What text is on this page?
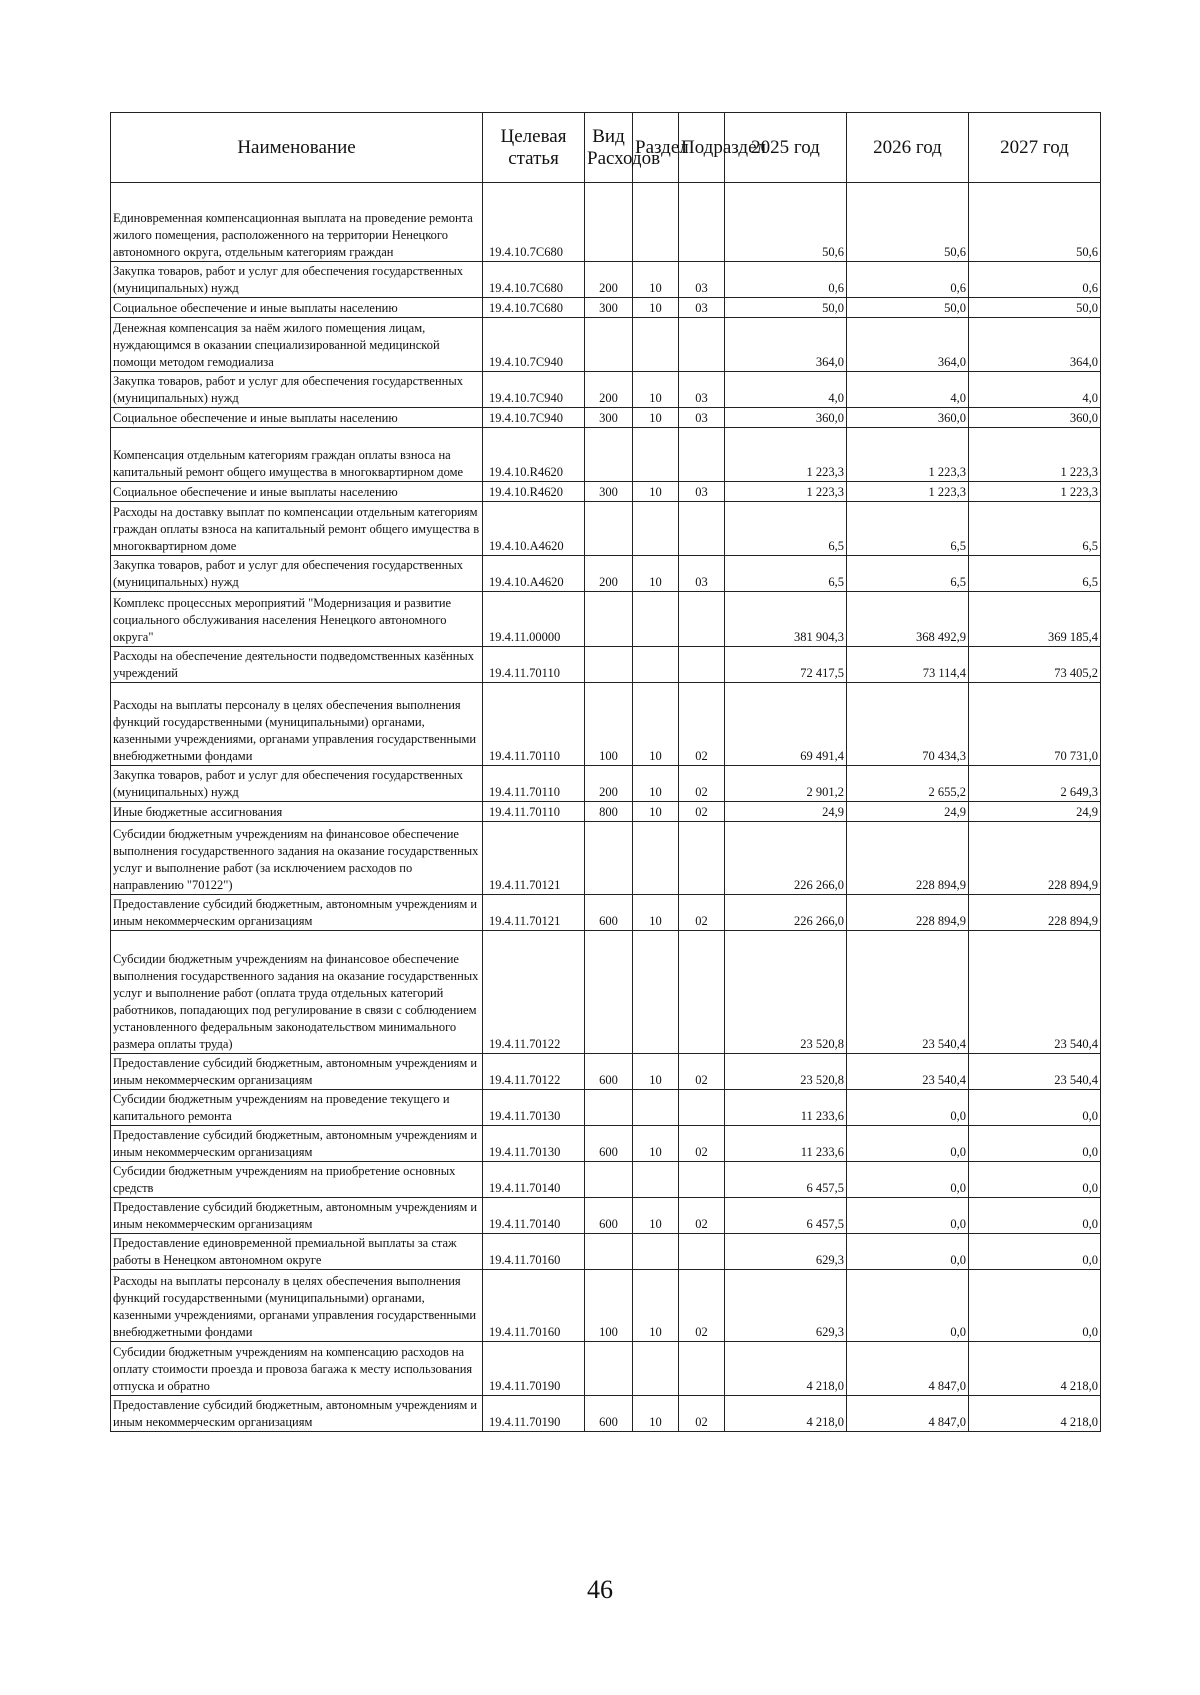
Наименование	Целевая статья	Вид Расходов	Раздел	Подраздел	2025 год	2026 год	2027 год
Единовременная компенсационная выплата на проведение ремонта жилого помещения, расположенного на территории Ненецкого автономного округа, отдельным категориям граждан	19.4.10.7С680				50,6	50,6	50,6
Закупка товаров, работ и услуг для обеспечения государственных (муниципальных) нужд	19.4.10.7С680	200	10	03	0,6	0,6	0,6
Социальное обеспечение и иные выплаты населению	19.4.10.7С680	300	10	03	50,0	50,0	50,0
Денежная компенсация за наём жилого помещения лицам, нуждающимся в оказании специализированной медицинской помощи методом гемодиализа	19.4.10.7С940				364,0	364,0	364,0
Закупка товаров, работ и услуг для обеспечения государственных (муниципальных) нужд	19.4.10.7С940	200	10	03	4,0	4,0	4,0
Социальное обеспечение и иные выплаты населению	19.4.10.7С940	300	10	03	360,0	360,0	360,0
Компенсация отдельным категориям граждан оплаты взноса на капитальный ремонт общего имущества в многоквартирном доме	19.4.10.R4620				1 223,3	1 223,3	1 223,3
Социальное обеспечение и иные выплаты населению	19.4.10.R4620	300	10	03	1 223,3	1 223,3	1 223,3
Расходы на доставку выплат по компенсации отдельным категориям граждан оплаты взноса на капитальный ремонт общего имущества в многоквартирном доме	19.4.10.А4620				6,5	6,5	6,5
Закупка товаров, работ и услуг для обеспечения государственных (муниципальных) нужд	19.4.10.А4620	200	10	03	6,5	6,5	6,5
Комплекс процессных мероприятий "Модернизация и развитие социального обслуживания населения Ненецкого автономного округа"	19.4.11.00000				381 904,3	368 492,9	369 185,4
Расходы на обеспечение деятельности подведомственных казённых учреждений	19.4.11.70110				72 417,5	73 114,4	73 405,2
Расходы на выплаты персоналу в целях обеспечения выполнения функций государственными (муниципальными) органами, казенными учреждениями, органами управления государственными внебюджетными фондами	19.4.11.70110	100	10	02	69 491,4	70 434,3	70 731,0
Закупка товаров, работ и услуг для обеспечения государственных (муниципальных) нужд	19.4.11.70110	200	10	02	2 901,2	2 655,2	2 649,3
Иные бюджетные ассигнования	19.4.11.70110	800	10	02	24,9	24,9	24,9
Субсидии бюджетным учреждениям на финансовое обеспечение выполнения государственного задания на оказание государственных услуг и выполнение работ (за исключением расходов по направлению "70122")	19.4.11.70121				226 266,0	228 894,9	228 894,9
Предоставление субсидий бюджетным, автономным учреждениям и иным некоммерческим организациям	19.4.11.70121	600	10	02	226 266,0	228 894,9	228 894,9
Субсидии бюджетным учреждениям на финансовое обеспечение выполнения государственного задания на оказание государственных услуг и выполнение работ (оплата труда отдельных категорий работников, попадающих под регулирование в связи с соблюдением установленного федеральным законодательством минимального размера оплаты труда)	19.4.11.70122				23 520,8	23 540,4	23 540,4
Предоставление субсидий бюджетным, автономным учреждениям и иным некоммерческим организациям	19.4.11.70122	600	10	02	23 520,8	23 540,4	23 540,4
Субсидии бюджетным учреждениям на проведение текущего и капитального ремонта	19.4.11.70130				11 233,6	0,0	0,0
Предоставление субсидий бюджетным, автономным учреждениям и иным некоммерческим организациям	19.4.11.70130	600	10	02	11 233,6	0,0	0,0
Субсидии бюджетным учреждениям на приобретение основных средств	19.4.11.70140				6 457,5	0,0	0,0
Предоставление субсидий бюджетным, автономным учреждениям и иным некоммерческим организациям	19.4.11.70140	600	10	02	6 457,5	0,0	0,0
Предоставление единовременной премиальной выплаты за стаж работы в Ненецком автономном округе	19.4.11.70160				629,3	0,0	0,0
Расходы на выплаты персоналу в целях обеспечения выполнения функций государственными (муниципальными) органами, казенными учреждениями, органами управления государственными внебюджетными фондами	19.4.11.70160	100	10	02	629,3	0,0	0,0
Субсидии бюджетным учреждениям на компенсацию расходов на оплату стоимости проезда и провоза багажа к месту использования отпуска и обратно	19.4.11.70190				4 218,0	4 847,0	4 218,0
Предоставление субсидий бюджетным, автономным учреждениям и иным некоммерческим организациям	19.4.11.70190	600	10	02	4 218,0	4 847,0	4 218,0
46
